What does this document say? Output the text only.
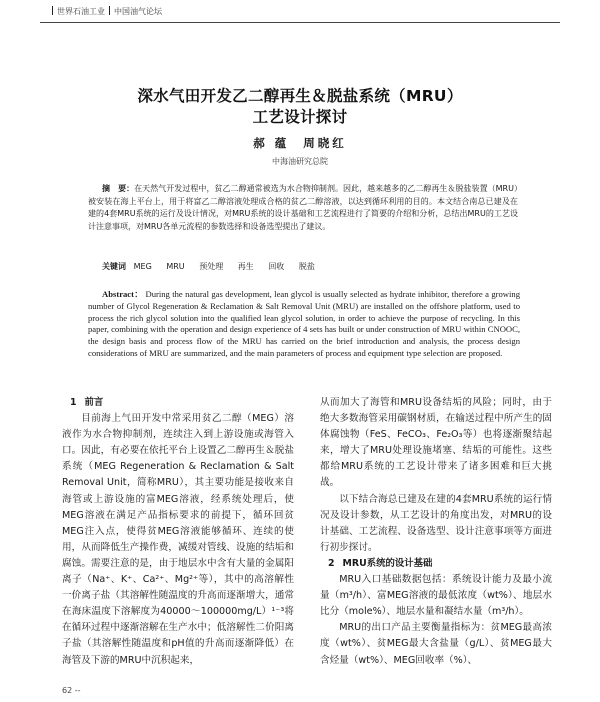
世界石油工业 中国油气论坛
深水气田开发乙二醇再生＆脱盐系统（MRU）
工艺设计探讨
郝 蕴 周晓红
中海油研究总院
摘　要：在天然气开发过程中，贫乙二醇通常被选为水合物抑制剂。因此，越来越多的乙二醇再生＆脱盐装置（MRU）被安装在海上平台上，用于将富乙二醇溶液处理成合格的贫乙二醇溶液，以达到循环利用的目的。本文结合南总已建及在建的4套MRU系统的运行及设计情况，对MRU系统的设计基础和工艺流程进行了简要的介绍和分析，总结出MRU的工艺设计注意事项，对MRU各单元流程的参数选择和设备选型提出了建议。
关键词 MEG MRU 预处理 再生 回收 脱盐
Abstract： During the natural gas development, lean glycol is usually selected as hydrate inhibitor, therefore a growing number of Glycol Regeneration & Reclamation & Salt Removal Unit (MRU) are installed on the offshore platform, used to process the rich glycol solution into the qualified lean glycol solution, in order to achieve the purpose of recycling. In this paper, combining with the operation and design experience of 4 sets has built or under construction of MRU within CNOOC, the design basis and process flow of the MRU has carried on the brief introduction and analysis, the process design considerations of MRU are summarized, and the main parameters of process and equipment type selection are proposed.

1 前言

目前海上气田开发中常采用贫乙二醇（MEG）溶液作为水合物抑制剂，连续注入到上游设施或海管入口。因此，有必要在依托平台上设置乙二醇再生＆脱盐系统（MEG Regeneration & Reclamation & Salt Removal Unit，简称MRU），其主要功能是接收来自海管或上游设施的富MEG溶液，经系统处理后，使MEG溶液在满足产品指标要求的前提下，循环回贫MEG注入点，使得贫MEG溶液能够循环、连续的使用，从而降低生产操作费，减缓对管线、设施的结垢和腐蚀。需要注意的是，由于地层水中含有大量的金属阳离子（Na⁺、K⁺、Ca²⁺、Mg²⁺等），其中的高溶解性一价离子盐（其溶解性随温度的升高而逐渐增大，通常在海床温度下溶解度为40000～100000mg/L）¹⁻³将在循环过程中逐渐溶解在生产水中；低溶解性二价阳离子盐（其溶解性随温度和pH值的升高而逐渐降低）在海管及下游的MRU中沉积起来，

从而加大了海管和MRU设备结垢的风险；同时，由于绝大多数海管采用碳钢材质，在输送过程中所产生的固体腐蚀物（FeS、FeCO₃、Fe₂O₃等）也将逐渐聚结起来，增大了MRU处理设施堵塞、结垢的可能性。这些都给MRU系统的工艺设计带来了诸多困难和巨大挑战。

以下结合海总已建及在建的4套MRU系统的运行情况及设计参数，从工艺设计的角度出发，对MRU的设计基础、工艺流程、设备选型、设计注意事项等方面进行初步探讨。

2 MRU系统的设计基础

MRU入口基础数据包括：系统设计能力及最小流量（m³/h）、富MEG溶液的最低浓度（wt%）、地层水比分（mole%）、地层水量和凝结水量（m³/h）。

MRU的出口产品主要衡量指标为：贫MEG最高浓度（wt%）、贫MEG最大含盐量（g/L）、贫MEG最大含烃量（wt%）、MEG回收率（%）、

62 --
